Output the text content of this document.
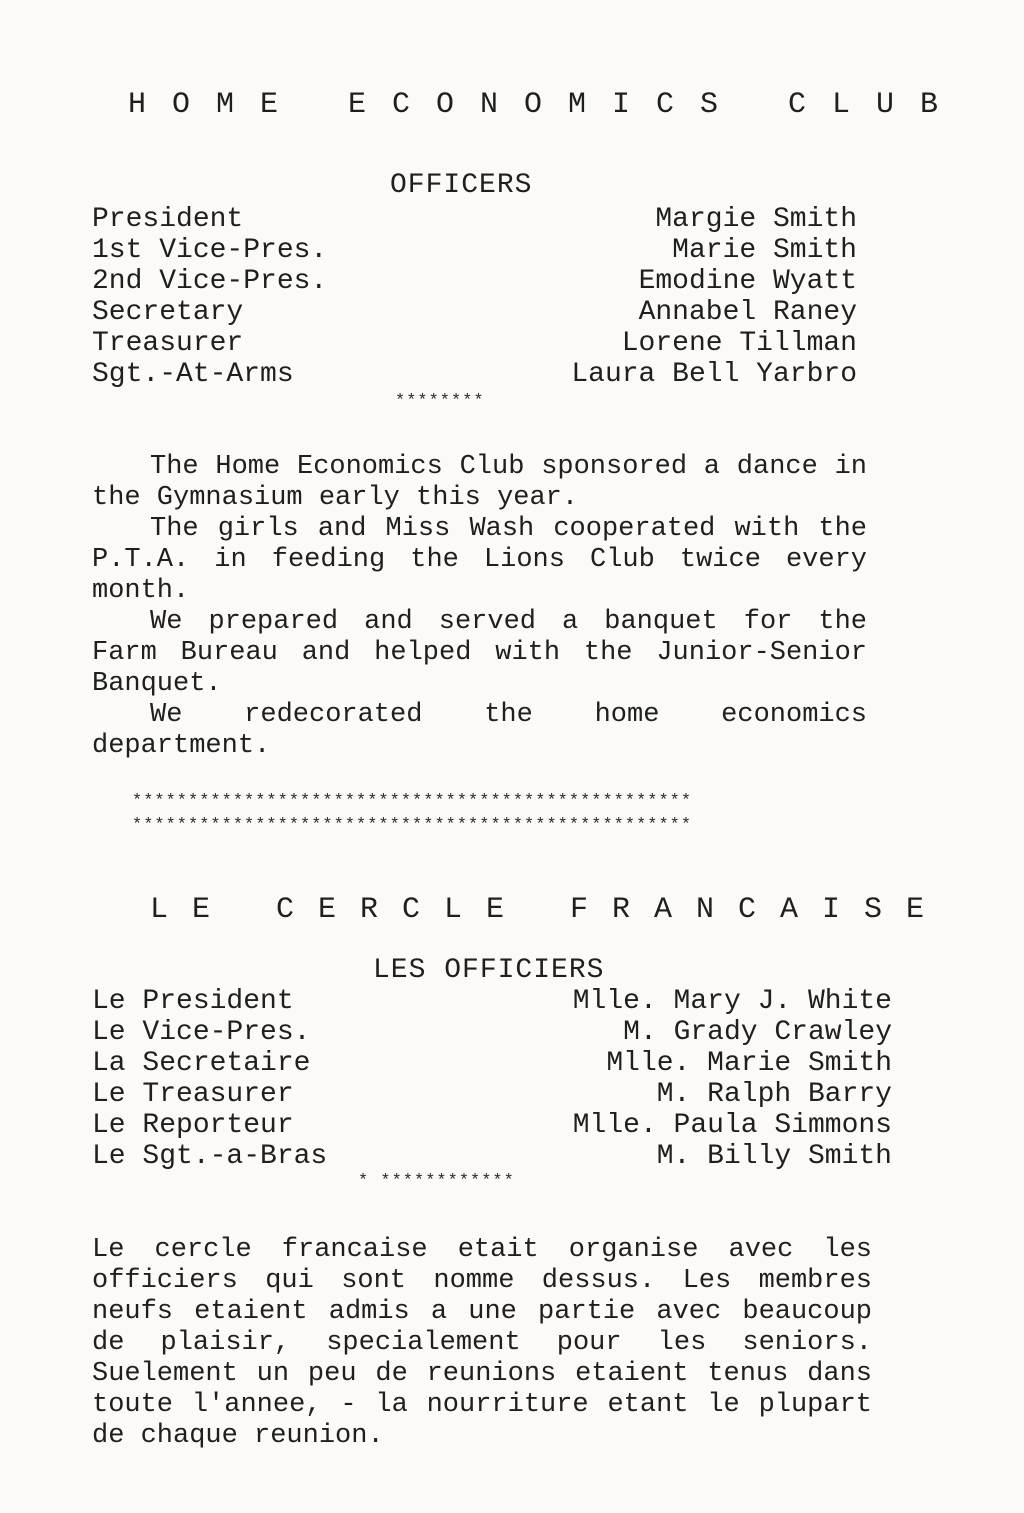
HOME ECONOMICS CLUB
OFFICERS
President	Margie Smith
1st Vice-Pres.	Marie Smith
2nd Vice-Pres.	Emodine Wyatt
Secretary	Annabel Raney
Treasurer	Lorene Tillman
Sgt.-At-Arms	Laura Bell Yarbro
********

The Home Economics Club sponsored a dance in the Gymnasium early this year.

The girls and Miss Wash cooperated with the P.T.A. in feeding the Lions Club twice every month.

We prepared and served a banquet for the Farm Bureau and helped with the Junior-Senior Banquet.

We redecorated the home economics department.

**************************************************
**************************************************
LE CERCLE FRANCAISE
LES OFFICIERS
Le President	Mlle. Mary J. White
Le Vice-Pres.	M. Grady Crawley
La Secretaire	Mlle. Marie Smith
Le Treasurer	M. Ralph Barry
Le Reporteur	Mlle. Paula Simmons
Le Sgt.-a-Bras	M. Billy Smith
* ************

Le cercle francaise etait organise avec les officiers qui sont nomme dessus. Les membres neufs etaient admis a une partie avec beaucoup de plaisir, specialement pour les seniors. Suelement un peu de reunions etaient tenus dans toute l'annee, - la nourriture etant le plupart de chaque reunion.
